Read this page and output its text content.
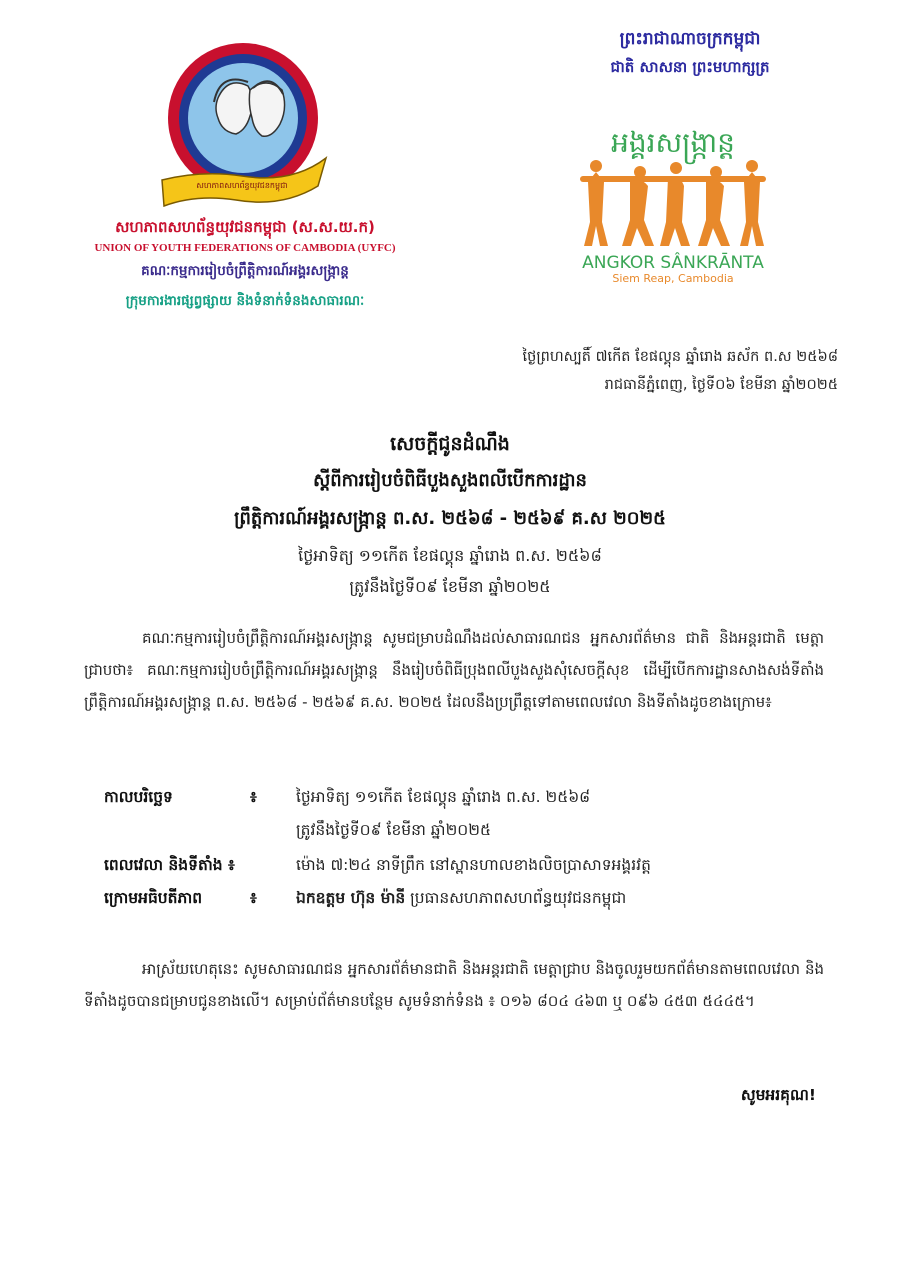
សហភាពសហព័ន្ធយុវជនកម្ពុជា
សហភាពសហព័ន្ធយុវជនកម្ពុជា (ស.ស.យ.ក)
UNION OF YOUTH FEDERATIONS OF CAMBODIA (UYFC)
គណៈកម្មការរៀបចំព្រឹត្តិការណ៍អង្គរសង្ក្រាន្ត
ក្រុមការងារផ្សព្វផ្សាយ និងទំនាក់ទំនងសាធារណៈ
ព្រះរាជាណាចក្រកម្ពុជា
ជាតិ សាសនា ព្រះមហាក្សត្រ
អង្គរសង្ក្រាន្ត
ANGKOR SÂNKRĀNTA
Siem Reap, Cambodia
ថ្ងៃព្រហស្បតិ៍ ៧កើត ខែផល្គុន ឆ្នាំរោង ឆស័ក ព.ស ២៥៦៨
រាជធានីភ្នំពេញ, ថ្ងៃទី០៦ ខែមីនា ឆ្នាំ២០២៥
សេចក្តីជូនដំណឹង
ស្តីពីការរៀបចំពិធីបួងសួងពលីបើកការដ្ឋាន
ព្រឹត្តិការណ៍អង្គរសង្ក្រាន្ត ព.ស. ២៥៦៨ - ២៥៦៩ គ.ស ២០២៥
ថ្ងៃអាទិត្យ ១១កើត ខែផល្គុន ឆ្នាំរោង ព.ស. ២៥៦៨
ត្រូវនឹងថ្ងៃទី០៩ ខែមីនា ឆ្នាំ២០២៥
គណៈកម្មការរៀបចំព្រឹត្តិការណ៍អង្គរសង្ក្រាន្ត សូមជម្រាបដំណឹងដល់សាធារណជន អ្នកសារព័ត៌មាន ជាតិ និងអន្តរជាតិ មេត្តាជ្រាបថា៖ គណៈកម្មការរៀបចំព្រឹត្តិការណ៍អង្គរសង្ក្រាន្ត នឹងរៀបចំពិធីប្រុងពលីបួងសួងសុំសេចក្តីសុខ ដើម្បីបើកការដ្ឋានសាងសង់ទីតាំងព្រឹត្តិការណ៍អង្គរសង្ក្រាន្ត ព.ស. ២៥៦៨ - ២៥៦៩ គ.ស. ២០២៥ ដែលនឹងប្រព្រឹត្តទៅតាមពេលវេលា និងទីតាំងដូចខាងក្រោម៖
កាលបរិច្ឆេទ	៖	ថ្ងៃអាទិត្យ ១១កើត ខែផល្គុន ឆ្នាំរោង ព.ស. ២៥៦៨
ត្រូវនឹងថ្ងៃទី០៩ ខែមីនា ឆ្នាំ២០២៥
ពេលវេលា និងទីតាំង ៖	ម៉ោង ៧:២៤ នាទីព្រឹក នៅស្ពានហាលខាងលិចប្រាសាទអង្គរវត្ត
ក្រោមអធិបតីភាព	៖	ឯកឧត្តម ហ៊ុន ម៉ានី ប្រធានសហភាពសហព័ន្ធយុវជនកម្ពុជា
អាស្រ័យហេតុនេះ សូមសាធារណជន អ្នកសារព័ត៌មានជាតិ និងអន្តរជាតិ មេត្តាជ្រាប និងចូលរួមយកព័ត៌មានតាមពេលវេលា និងទីតាំងដូចបានជម្រាបជូនខាងលើ។ សម្រាប់ព័ត៌មានបន្ថែម សូមទំនាក់ទំនង ៖ ០១៦ ៨០៤ ៤៦៣ ឬ ០៩៦ ៤៥៣ ៥៤៤៥។
សូមអរគុណ!
